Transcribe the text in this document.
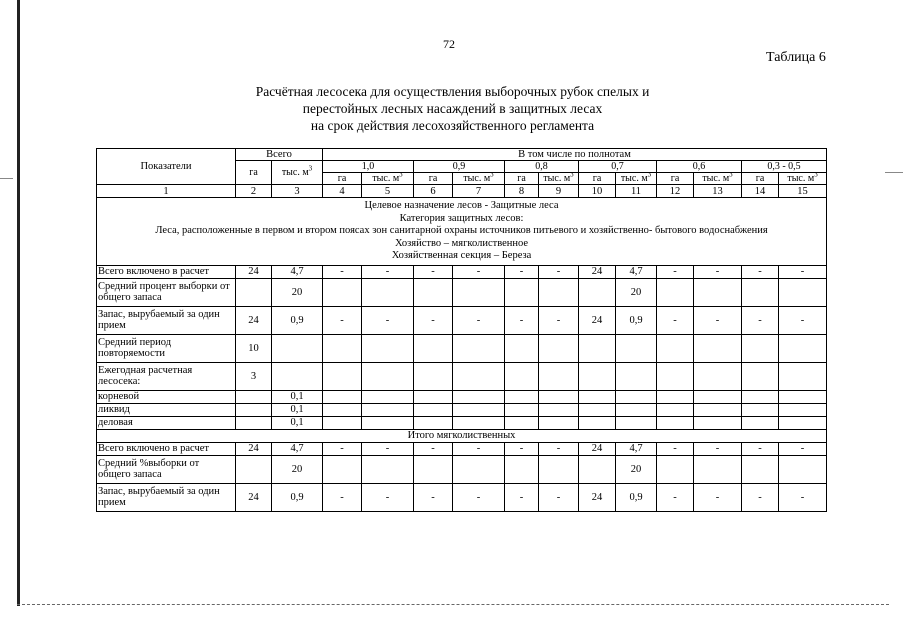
72
Таблица 6
Расчётная лесосека для осуществления выборочных рубок спелых и
перестойных лесных насаждений в защитных лесах
на срок действия лесохозяйственного регламента
Показатели	Всего		В том числе по полнотам											
	га	тыс. $м^3$	1,0		0,9		0,8		0,7		0,6		0,3 - 0,5	
			га	тыс. $м^3$	га	тыс. $м^3$	га	тыс. $м^3$	га	тыс. $м^3$	га	тыс. $м^3$	га	тыс. $м^3$
1	2	3	4	5	6	7	8	9	10	11	12	13	14	15

Целевое назначение лесов - Защитные леса
Категория защитных лесов:
Леса, расположенные в первом и втором поясах зон санитарной охраны источников питьевого и хозяйственно- бытового водоснабжения
Хозяйство – мягколиственное
Хозяйственная секция – Береза														

Всего включено в расчет	24	4,7	-	-	-	-	-	-	24	4,7	-	-	-	-
Средний процент выборки от общего запаса		20								20				
Запас, вырубаемый за один прием	24	0,9	-	-	-	-	-	-	24	0,9	-	-	-	-
Средний период повторяемости	10													
Ежегодная расчетная лесосека:	3													
корневой		0,1												
ликвид		0,1												
деловая		0,1												
Итого мягколиственных														
Всего включено в расчет	24	4,7	-	-	-	-	-	-	24	4,7	-	-	-	-
Средний %выборки от общего запаса		20								20				
Запас, вырубаемый за один прием	24	0,9	-	-	-	-	-	-	24	0,9	-	-	-	-
